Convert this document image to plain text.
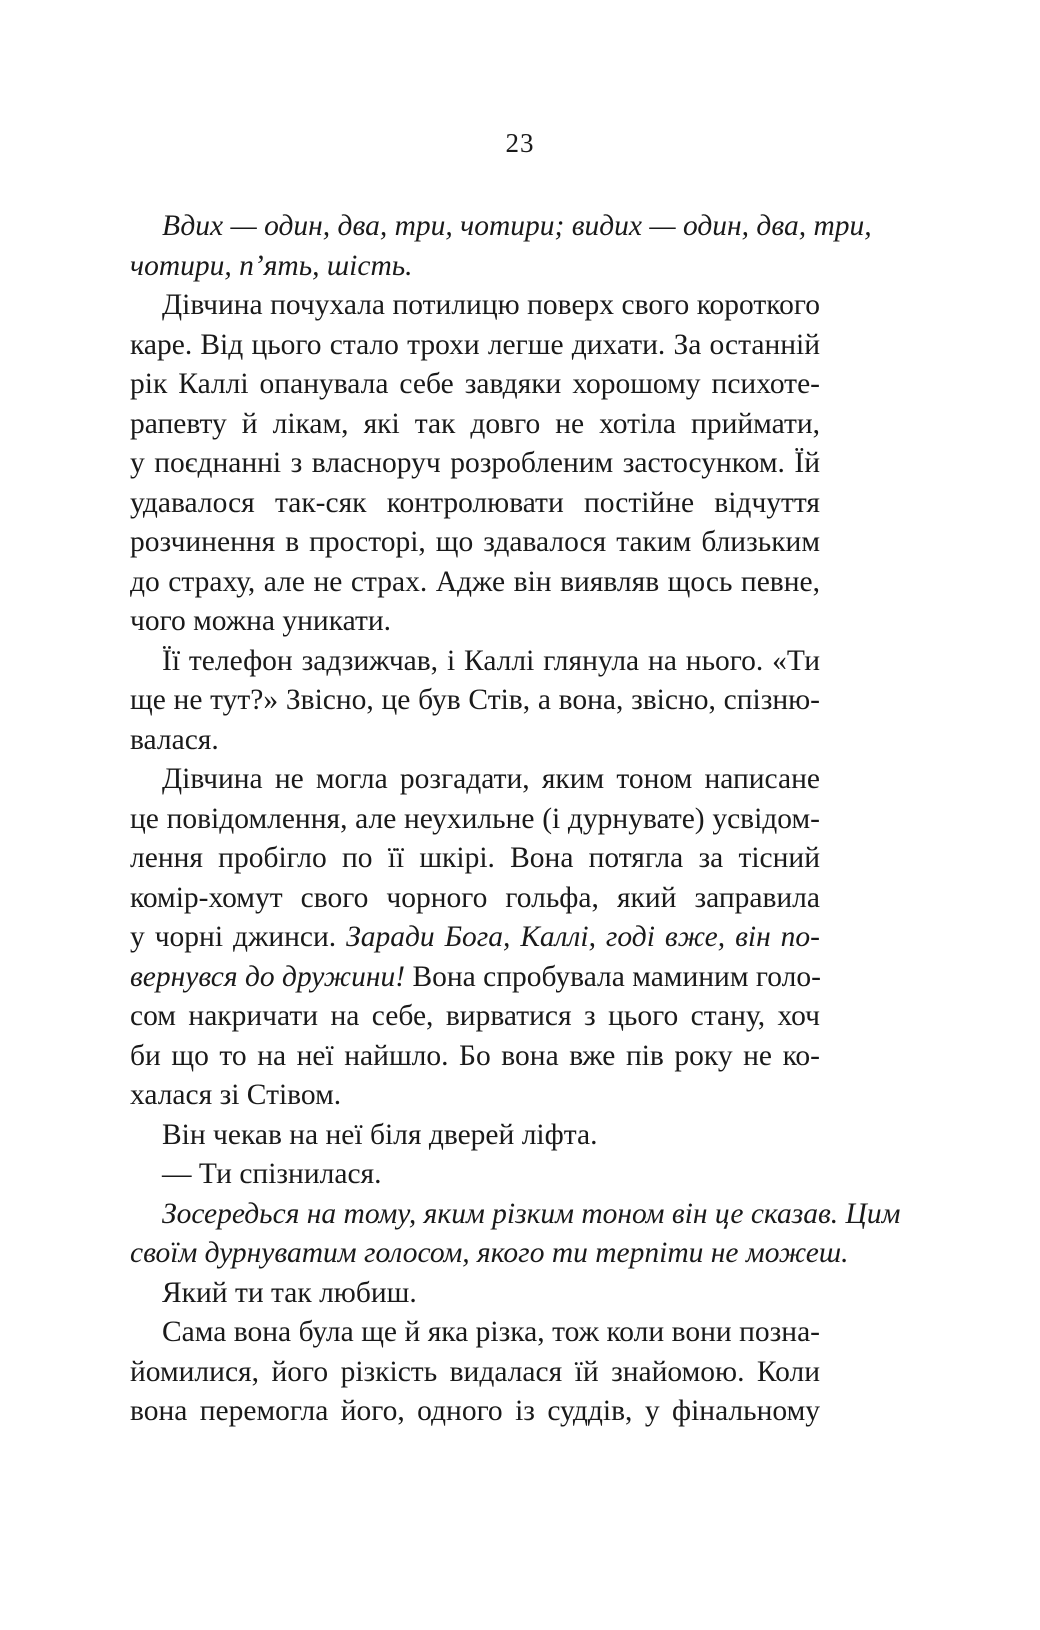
23
Вдих — один, два, три, чотири; видих — один, два, три,
чотири, п’ять, шість.
Дівчина почухала потилицю поверх свого короткого
каре. Від цього стало трохи легше дихати. За останній
рік Каллі опанувала себе завдяки хорошому психоте-
рапевту й лікам, які так довго не хотіла приймати,
у поєднанні з власноруч розробленим застосунком. Їй
удавалося так-сяк контролювати постійне відчуття
розчинення в просторі, що здавалося таким близьким
до страху, але не страх. Адже він виявляв щось певне,
чого можна уникати.
Її телефон задзижчав, і Каллі глянула на нього. «Ти
ще не тут?» Звісно, це був Стів, а вона, звісно, спізню-
валася.
Дівчина не могла розгадати, яким тоном написане
це повідомлення, але неухильне (і дурнувате) усвідом-
лення пробігло по її шкірі. Вона потягла за тісний
комір-хомут свого чорного гольфа, який заправила
у чорні джинси. Заради Бога, Каллі, годі вже, він по-
вернувся до дружини! Вона спробувала маминим голо-
сом накричати на себе, вирватися з цього стану, хоч
би що то на неї найшло. Бо вона вже пів року не ко-
халася зі Стівом.
Він чекав на неї біля дверей ліфта.
— Ти спізнилася.
Зосередься на тому, яким різким тоном він це сказав. Цим
своїм дурнуватим голосом, якого ти терпіти не можеш.
Який ти так любиш.
Сама вона була ще й яка різка, тож коли вони позна-
йомилися, його різкість видалася їй знайомою. Коли
вона перемогла його, одного із суддів, у фінальному
